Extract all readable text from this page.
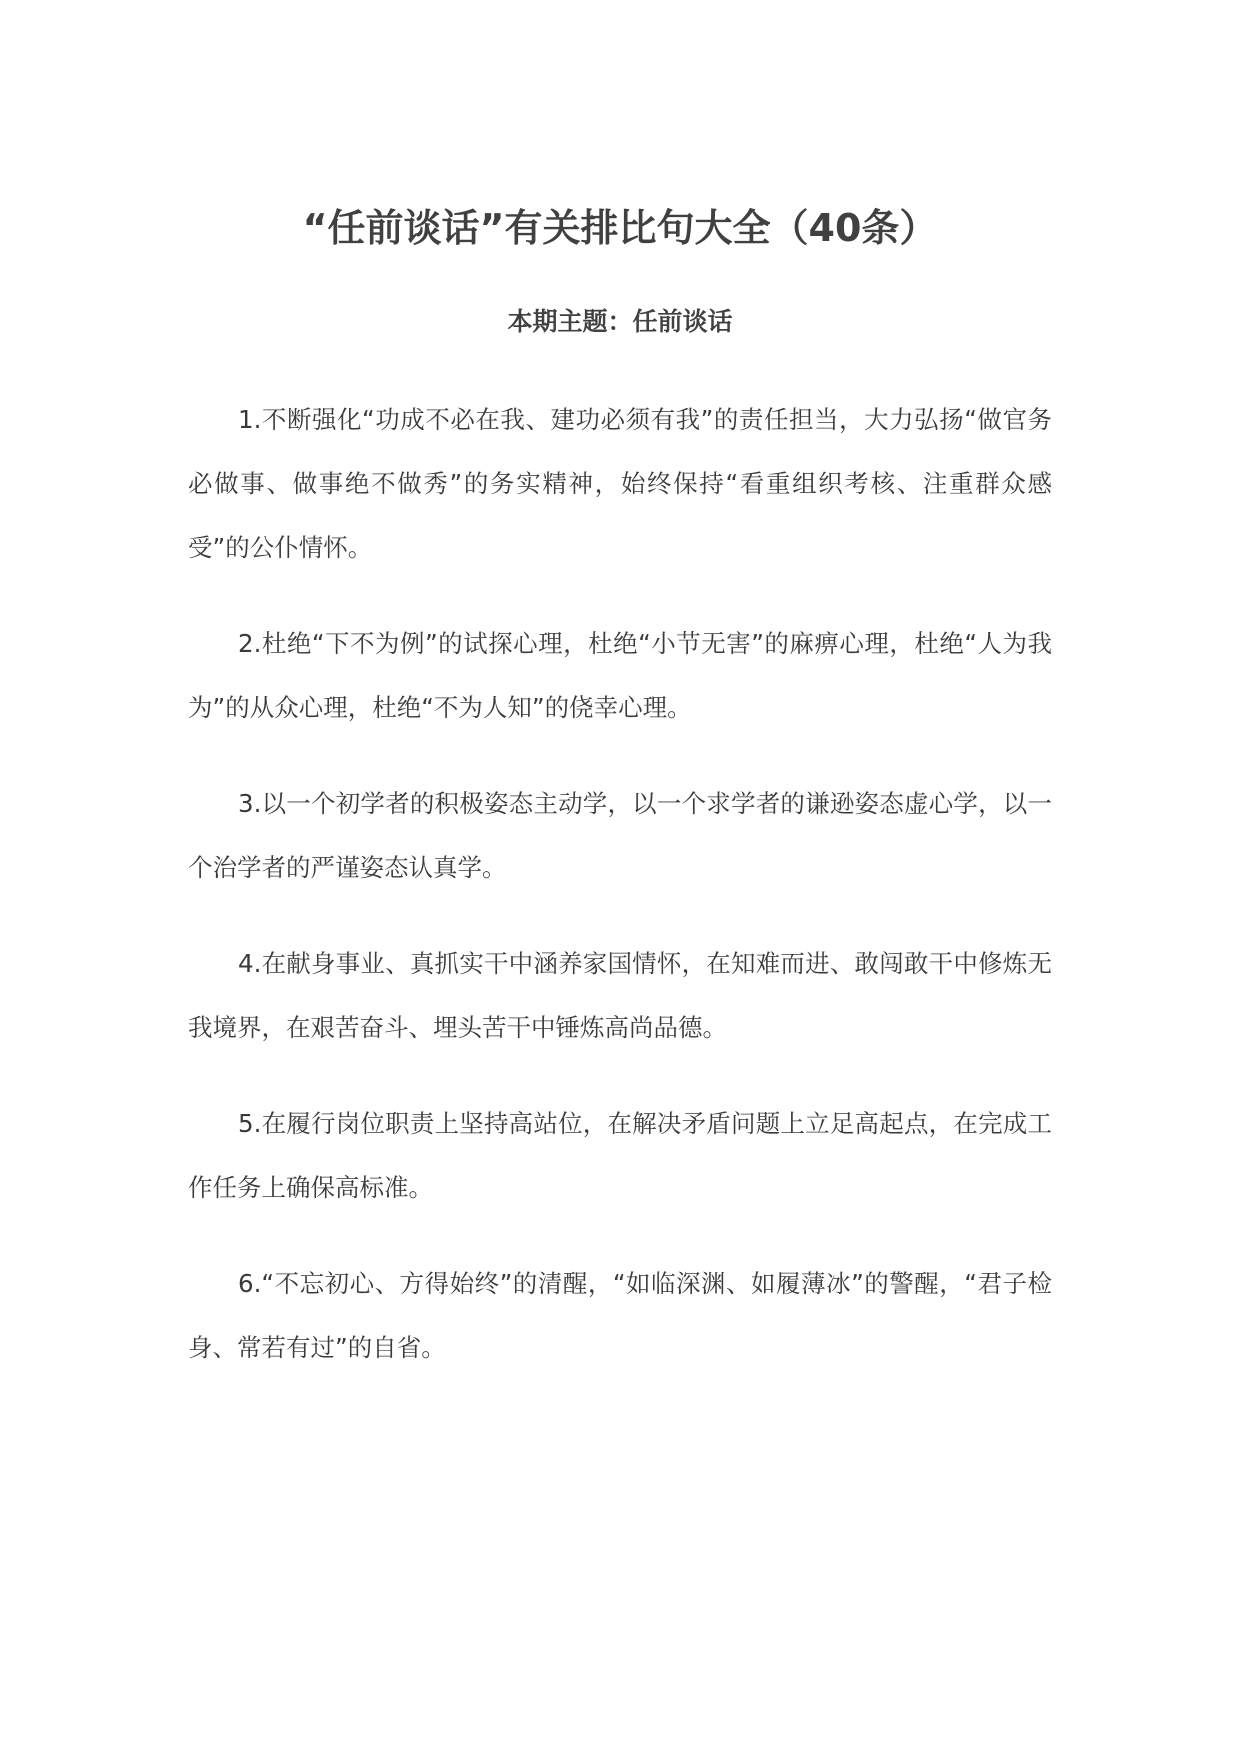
“任前谈话”有关排比句大全（40条）
本期主题：任前谈话

1.不断强化“功成不必在我、建功必须有我”的责任担当，大力弘扬“做官务必做事、做事绝不做秀”的务实精神，始终保持“看重组织考核、注重群众感受”的公仆情怀。

2.杜绝“下不为例”的试探心理，杜绝“小节无害”的麻痹心理，杜绝“人为我为”的从众心理，杜绝“不为人知”的侥幸心理。

3.以一个初学者的积极姿态主动学，以一个求学者的谦逊姿态虚心学，以一个治学者的严谨姿态认真学。

4.在献身事业、真抓实干中涵养家国情怀，在知难而进、敢闯敢干中修炼无我境界，在艰苦奋斗、埋头苦干中锤炼高尚品德。

5.在履行岗位职责上坚持高站位，在解决矛盾问题上立足高起点，在完成工作任务上确保高标准。

6.“不忘初心、方得始终”的清醒，“如临深渊、如履薄冰”的警醒，“君子检身、常若有过”的自省。
